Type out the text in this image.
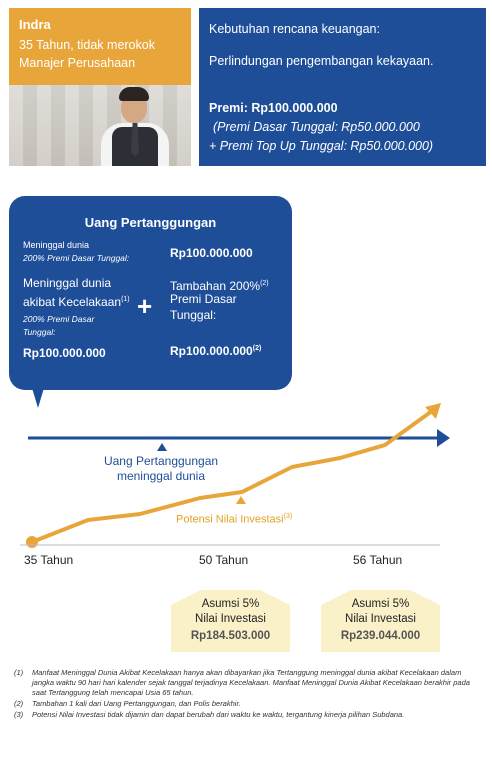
Indra
35 Tahun, tidak merokok Manajer Perusahaan
Kebutuhan rencana keuangan:
Perlindungan pengembangan kekayaan.
Premi: Rp100.000.000
(Premi Dasar Tunggal: Rp50.000.000
+ Premi Top Up Tunggal: Rp50.000.000)
Uang Pertanggungan
Meninggal dunia
200% Premi Dasar Tunggal:	Rp100.000.000
Meninggal dunia
akibat Kecelakaan$^{(1)}$
200% Premi Dasar
Tunggal:
Rp100.000.000
+
Tambahan 200%$^{(2)}$
Premi Dasar
Tunggal:
Rp100.000.000$^{(2)}$
Uang Pertanggungan meninggal dunia
Potensi Nilai Investasi$^{(3)}$
35 Tahun	50 Tahun	56 Tahun
Asumsi 5%
Nilai Investasi
Rp184.503.000
Asumsi 5%
Nilai Investasi
Rp239.044.000
(1) Manfaat Meninggal Dunia Akibat Kecelakaan hanya akan dibayarkan jika Tertanggung meninggal dunia akibat Kecelakaan dalam jangka waktu 90 hari hari kalender sejak tanggal terjadinya Kecelakaan. Manfaat Meninggal Dunia Akibat Kecelakaan berakhir pada saat Tertanggung telah mencapai Usia 65 tahun.
(2) Tambahan 1 kali dari Uang Pertanggungan, dan Polis berakhir.
(3) Potensi Nilai Investasi tidak dijamin dan dapat berubah dari waktu ke waktu, tergantung kinerja pilihan Subdana.
